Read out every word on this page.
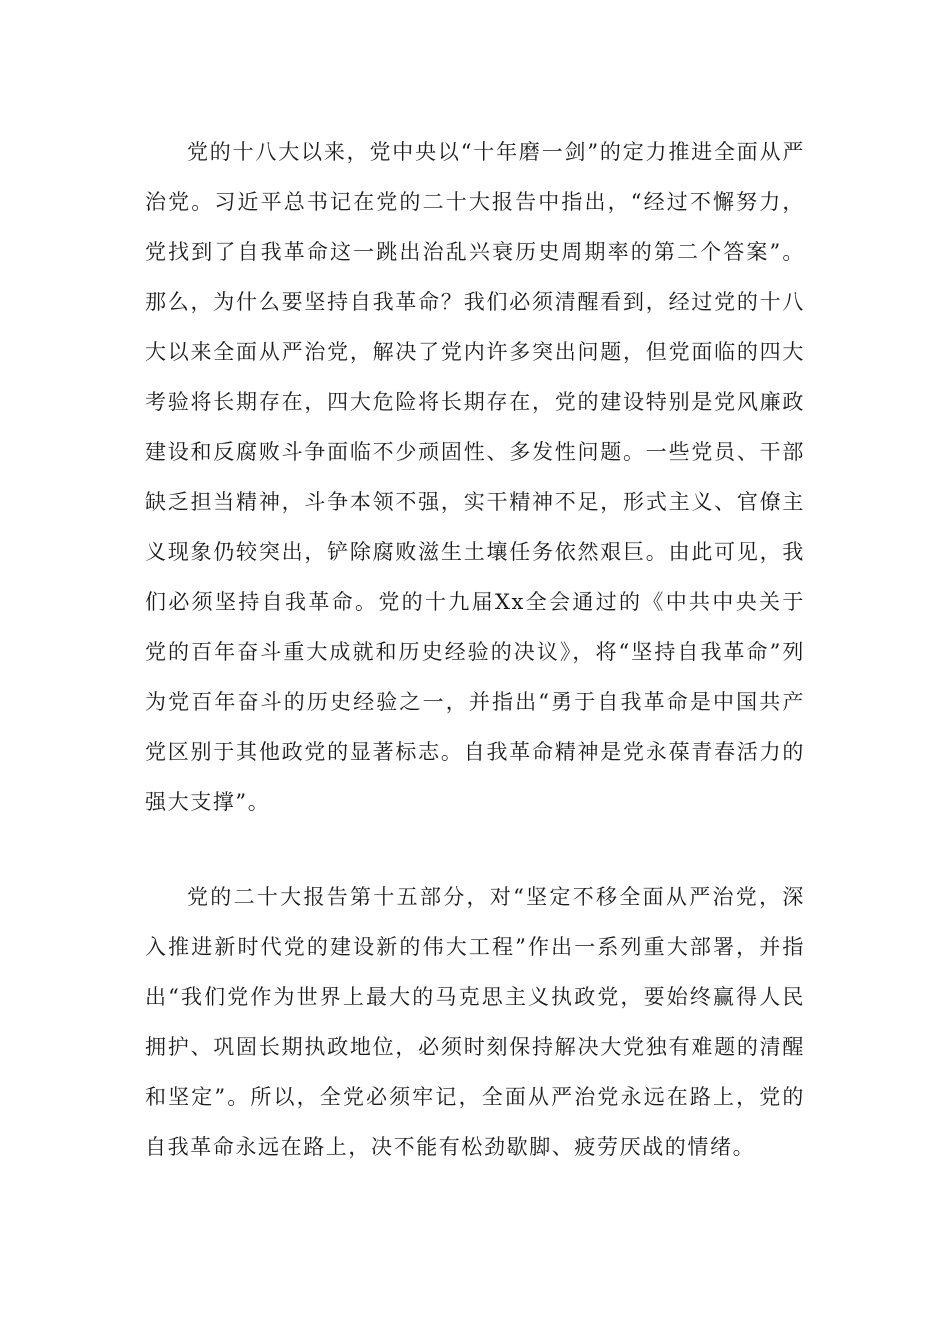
党的十八大以来，党中央以“十年磨一剑”的定力推进全面从严治党。习近平总书记在党的二十大报告中指出，“经过不懈努力，党找到了自我革命这一跳出治乱兴衰历史周期率的第二个答案”。那么，为什么要坚持自我革命？我们必须清醒看到，经过党的十八大以来全面从严治党，解决了党内许多突出问题，但党面临的四大考验将长期存在，四大危险将长期存在，党的建设特别是党风廉政建设和反腐败斗争面临不少顽固性、多发性问题。一些党员、干部缺乏担当精神，斗争本领不强，实干精神不足，形式主义、官僚主义现象仍较突出，铲除腐败滋生土壤任务依然艰巨。由此可见，我们必须坚持自我革命。党的十九届Xx全会通过的《中共中央关于党的百年奋斗重大成就和历史经验的决议》，将“坚持自我革命”列为党百年奋斗的历史经验之一，并指出“勇于自我革命是中国共产党区别于其他政党的显著标志。自我革命精神是党永葆青春活力的强大支撑”。

党的二十大报告第十五部分，对“坚定不移全面从严治党，深入推进新时代党的建设新的伟大工程”作出一系列重大部署，并指出“我们党作为世界上最大的马克思主义执政党，要始终赢得人民拥护、巩固长期执政地位，必须时刻保持解决大党独有难题的清醒和坚定”。所以，全党必须牢记，全面从严治党永远在路上，党的自我革命永远在路上，决不能有松劲歇脚、疲劳厌战的情绪。
